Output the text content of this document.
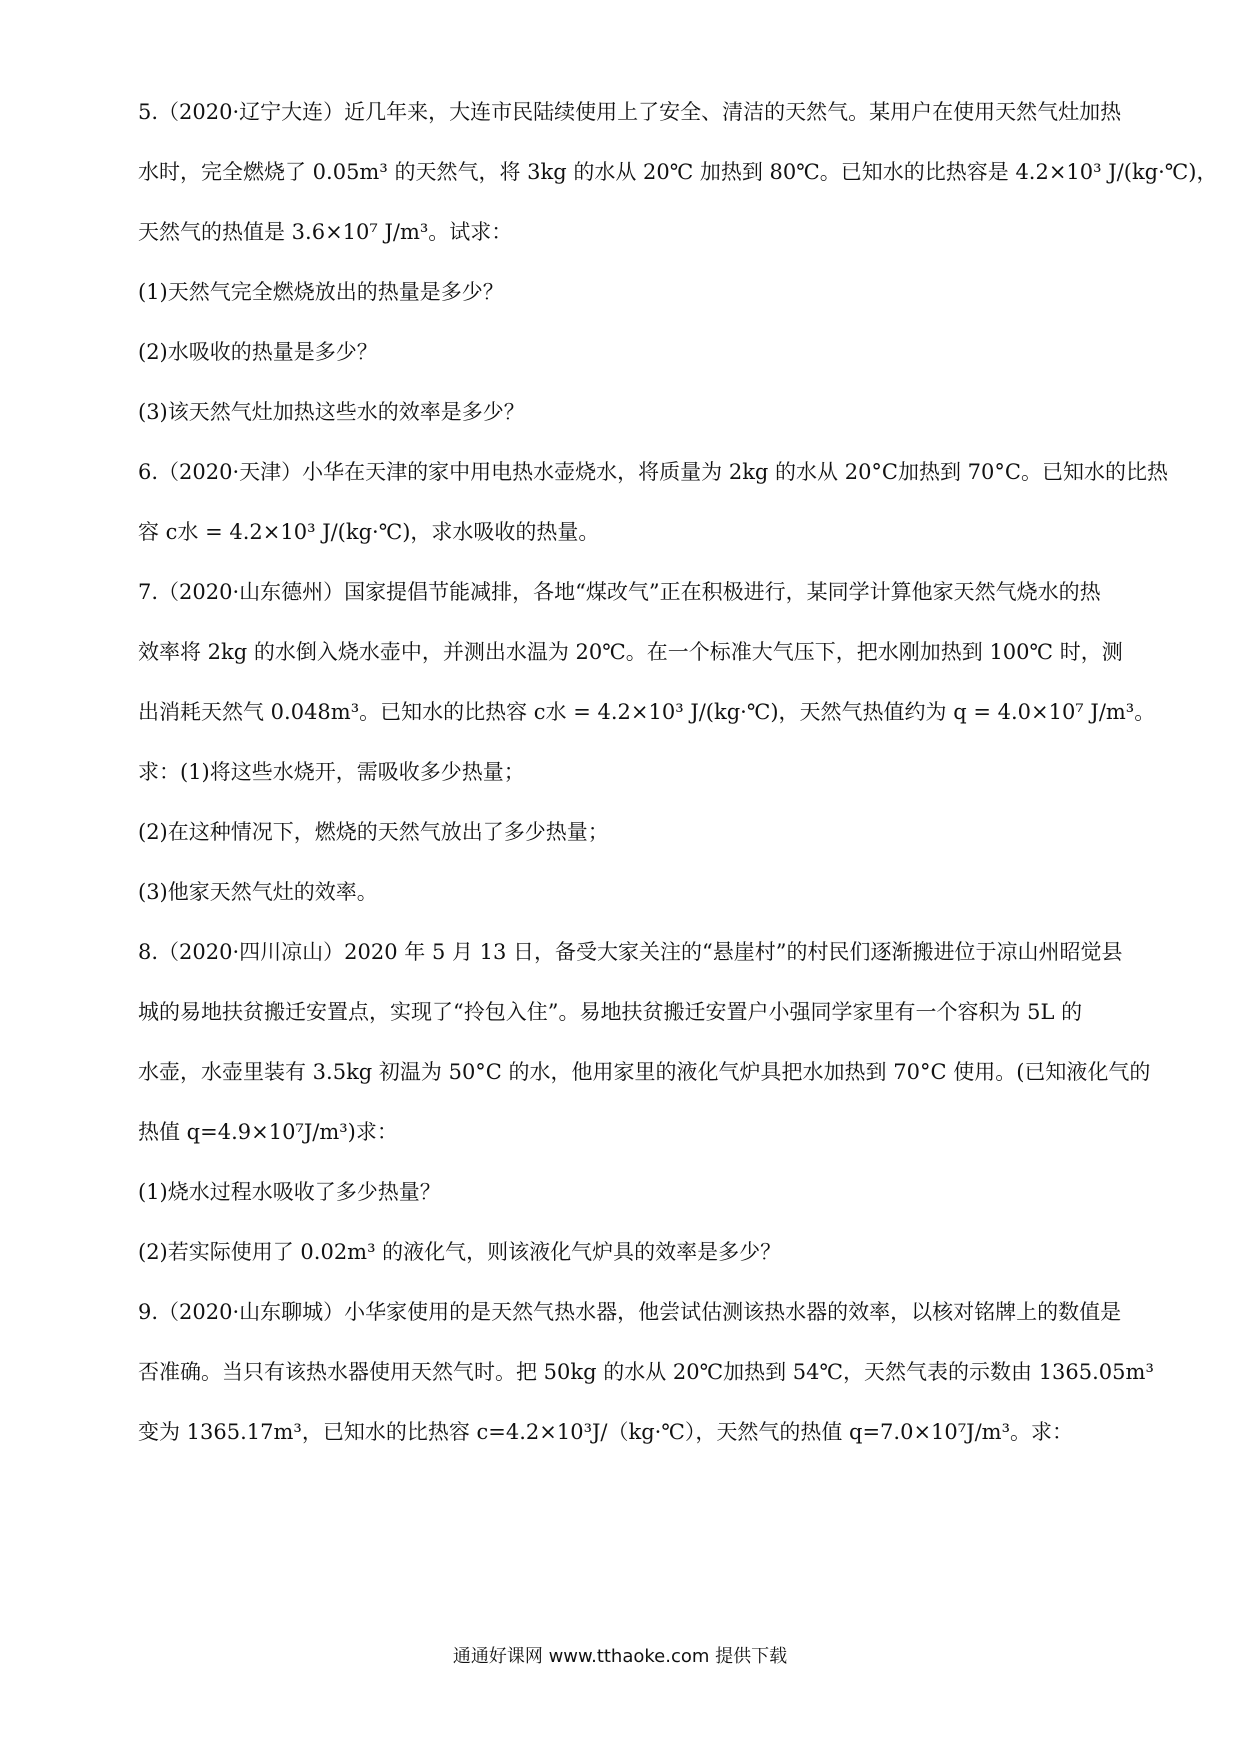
5.（2020·辽宁大连）近几年来，大连市民陆续使用上了安全、清洁的天然气。某用户在使用天然气灶加热
水时，完全燃烧了 0.05m³ 的天然气，将 3kg 的水从 20℃ 加热到 80℃。已知水的比热容是 4.2×10³ J/(kg·℃)，
天然气的热值是 3.6×10⁷ J/m³。试求：
(1)天然气完全燃烧放出的热量是多少？
(2)水吸收的热量是多少？
(3)该天然气灶加热这些水的效率是多少？
6.（2020·天津）小华在天津的家中用电热水壶烧水，将质量为 2kg 的水从 20°C加热到 70°C。已知水的比热
容 c水 = 4.2×10³ J/(kg·℃)，求水吸收的热量。
7.（2020·山东德州）国家提倡节能减排，各地“煤改气”正在积极进行，某同学计算他家天然气烧水的热
效率将 2kg 的水倒入烧水壶中，并测出水温为 20℃。在一个标准大气压下，把水刚加热到 100℃ 时，测
出消耗天然气 0.048m³。已知水的比热容 c水 = 4.2×10³ J/(kg·℃)，天然气热值约为 q = 4.0×10⁷ J/m³。
求：(1)将这些水烧开，需吸收多少热量；
(2)在这种情况下，燃烧的天然气放出了多少热量；
(3)他家天然气灶的效率。
8.（2020·四川凉山）2020 年 5 月 13 日，备受大家关注的“悬崖村”的村民们逐渐搬进位于凉山州昭觉县
城的易地扶贫搬迁安置点，实现了“拎包入住”。易地扶贫搬迁安置户小强同学家里有一个容积为 5L 的
水壶，水壶里装有 3.5kg 初温为 50°C 的水，他用家里的液化气炉具把水加热到 70°C 使用。(已知液化气的
热值 q=4.9×10⁷J/m³)求：
(1)烧水过程水吸收了多少热量？
(2)若实际使用了 0.02m³ 的液化气，则该液化气炉具的效率是多少？
9.（2020·山东聊城）小华家使用的是天然气热水器，他尝试估测该热水器的效率，以核对铭牌上的数值是
否准确。当只有该热水器使用天然气时。把 50kg 的水从 20℃加热到 54℃，天然气表的示数由 1365.05m³
变为 1365.17m³，已知水的比热容 c=4.2×10³J/（kg·℃），天然气的热值 q=7.0×10⁷J/m³。求：
通通好课网 www.tthaoke.com 提供下载
